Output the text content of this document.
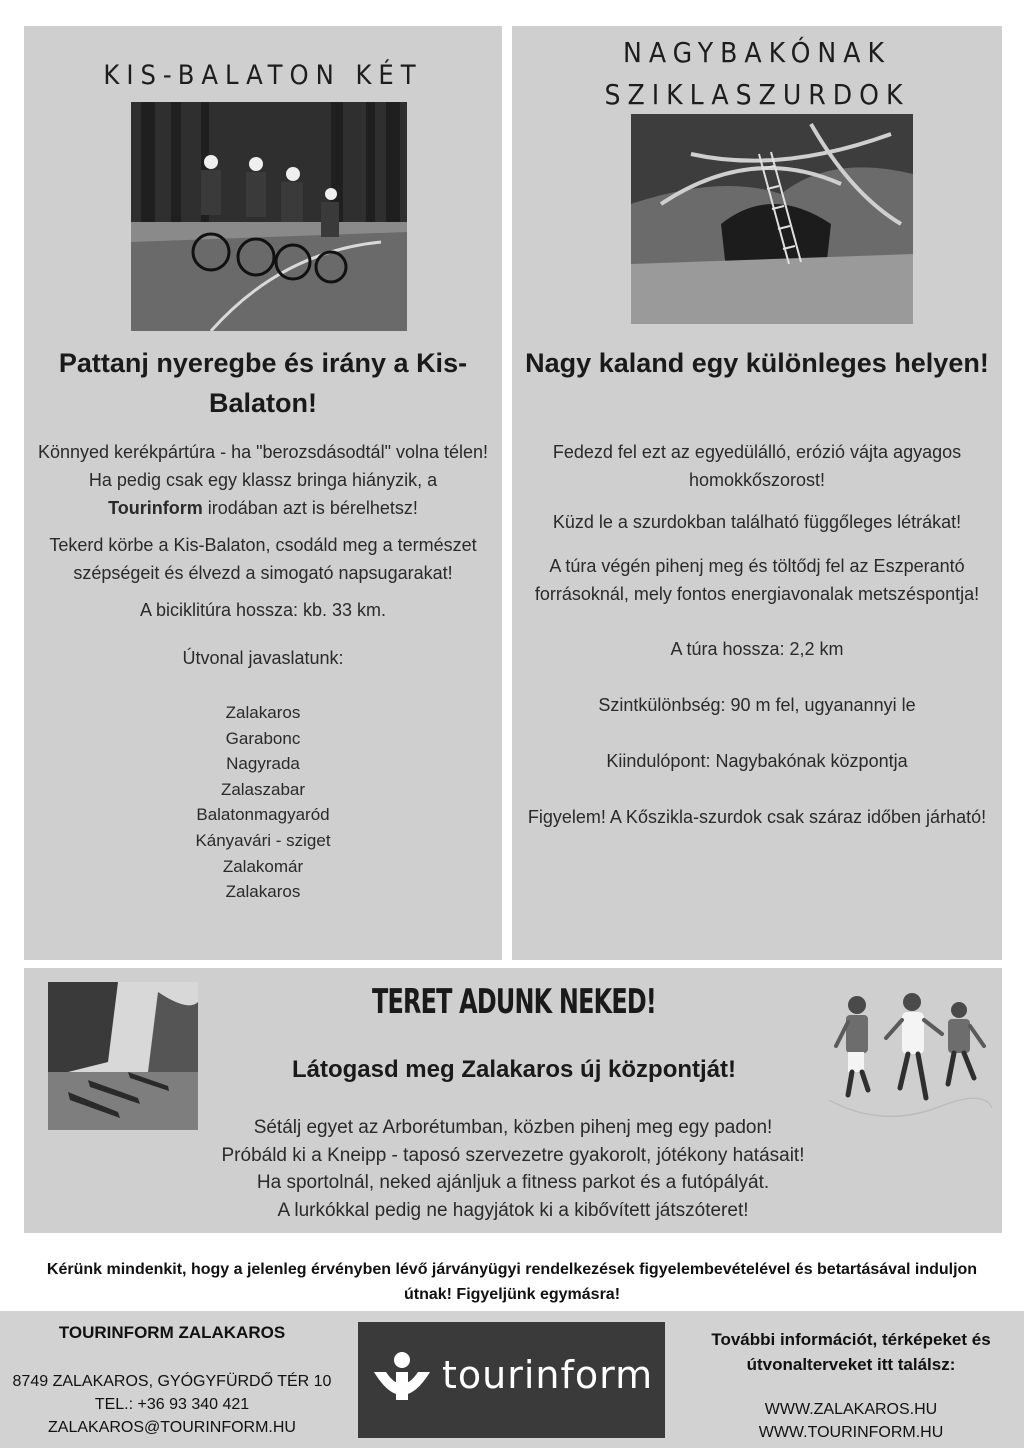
KIS-BALATON KÉT
Pattanj nyeregbe és irány a Kis-Balaton!

Könnyed kerékpártúra - ha "berozsdásodtál" volna télen!
Ha pedig csak egy klassz bringa hiányzik, a
Tourinform irodában azt is bérelhetsz!

Tekerd körbe a Kis-Balaton, csodáld meg a természet szépségeit és élvezd a simogató napsugarakat!

A biciklitúra hossza: kb. 33 km.

Útvonal javaslatunk:

Zalakaros
Garabonc
Nagyrada
Zalaszabar
Balatonmagyaród
Kányavári - sziget
Zalakomár
Zalakaros
NAGYBAKÓNAK
SZIKLASZURDOK
Nagy kaland egy különleges helyen!

Fedezd fel ezt az egyedülálló, erózió vájta agyagos homokkőszorost!

Küzd le a szurdokban található függőleges létrákat!

A túra végén pihenj meg és töltődj fel az Eszperantó forrásoknál, mely fontos energiavonalak metszéspontja!

A túra hossza: 2,2 km

Szintkülönbség: 90 m fel, ugyanannyi le

Kiindulópont: Nagybakónak központja

Figyelem! A Kősziklа-szurdok csak száraz időben járható!

TERET ADUNK NEKED!
Látogasd meg Zalakaros új központját!
Sétálj egyet az Arborétumban, közben pihenj meg egy padon!
Próbáld ki a Kneipp - taposó szervezetre gyakorolt, jótékony hatásait!
Ha sportolnál, neked ajánljuk a fitness parkot és a futópályát.
A lurkókkal pedig ne hagyjátok ki a kibővített játszóteret!
Kérünk mindenkit, hogy a jelenleg érvényben lévő járványügyi rendelkezések figyelembevételével és betartásával induljon útnak! Figyeljünk egymásra!
TOURINFORM ZALAKAROS
8749 ZALAKAROS, GYÓGYFÜRDŐ TÉR 10
TEL.: +36 93 340 421
ZALAKAROS@TOURINFORM.HU
tourinform
További információt, térképeket és útvonalterveket itt találsz:
WWW.ZALAKAROS.HU
WWW.TOURINFORM.HU
